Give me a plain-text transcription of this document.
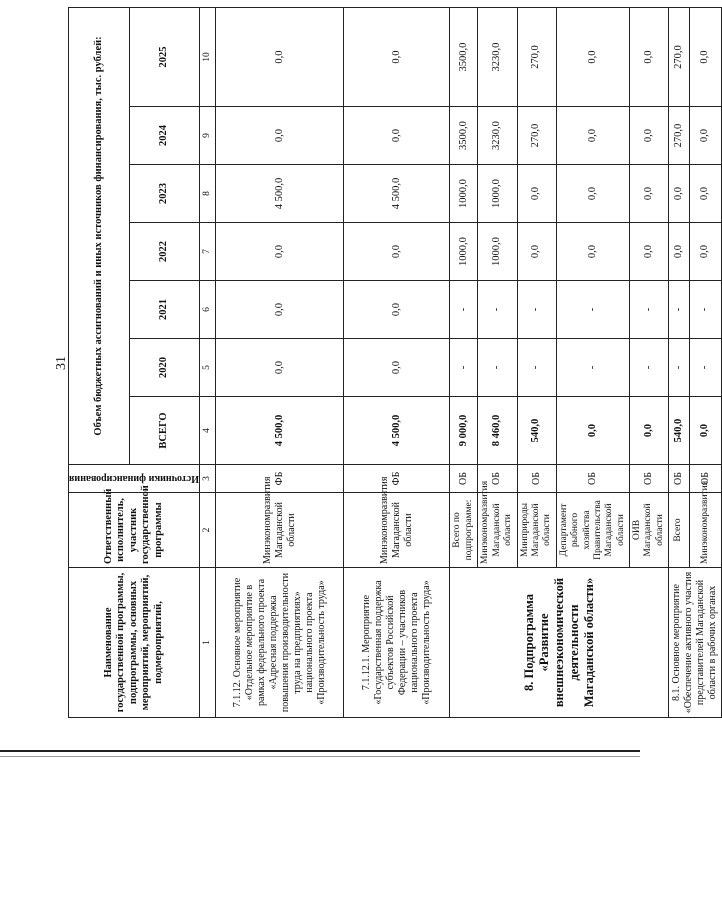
31
Наименование государственной программы, подпрограммы, основных мероприятий, мероприятий, подмероприятий,	Ответственный исполнитель, участник государственной программы	Источники финансирования	Объем бюджетных ассигнований и иных источников финансирования, тыс. рублей:						
			ВСЕГО	2020	2021	2022	2023	2024	2025
1	2	3	4	5	6	7	8	9	10
7.1.12. Основное мероприятие «Отдельное мероприятие в рамках федерального проекта «Адресная поддержка повышения производительности труда на предприятиях» национального проекта «Производительность труда»	Минэкономразвития Магаданской области	ФБ	4 500,0	0,0	0,0	0,0	4 500,0	0,0	0,0
7.1.12.1. Мероприятие «Государственная поддержка субъектов Российской Федерации – участников национального проекта «Производительность труда»	Минэкономразвития Магаданской области	ФБ	4 500,0	0,0	0,0	0,0	4 500,0	0,0	0,0
8. Подпрограмма «Развитие внешнеэкономической деятельности Магаданской области»	Всего по подпрограмме:	ОБ	9 000,0	-	-	1000,0	1000,0	3500,0	3500,0
	Минэкономразвития Магаданской области	ОБ	8 460,0	-	-	1000,0	1000,0	3230,0	3230,0
	Минприроды Магаданской области	ОБ	540,0	-	-	0,0	0,0	270,0	270,0
	Департамент рыбного хозяйства Правительства Магаданской области	ОБ	0,0	-	-	0,0	0,0	0,0	0,0
	ОИВ Магаданской области	ОБ	0,0	-	-	0,0	0,0	0,0	0,0
8.1. Основное мероприятие «Обеспечение активного участия представителей Магаданской области в рабочих органах	Всего	ОБ	540,0	-	-	0,0	0,0	270,0	270,0
	Минэкономразвития	ОБ	0,0	-	-	0,0	0,0	0,0	0,0
